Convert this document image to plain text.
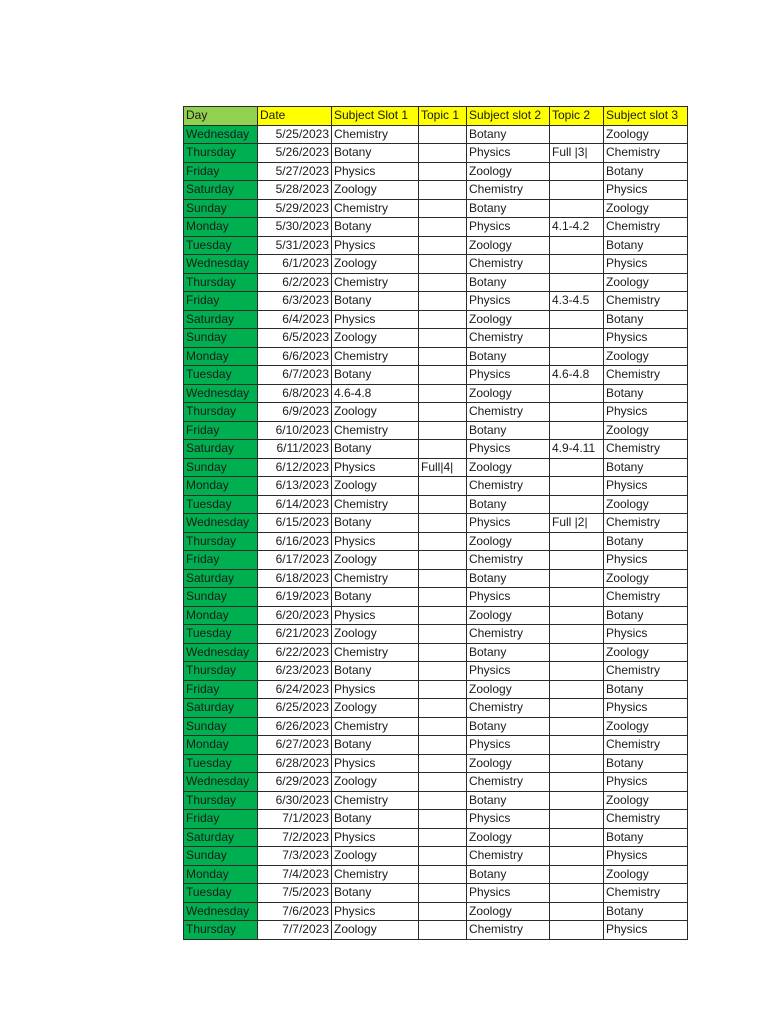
Day	Date	Subject Slot 1	Topic 1	Subject slot 2	Topic 2	Subject slot 3
Wednesday	5/25/2023	Chemistry		Botany		Zoology
Thursday	5/26/2023	Botany		Physics	Full |3|	Chemistry
Friday	5/27/2023	Physics		Zoology		Botany
Saturday	5/28/2023	Zoology		Chemistry		Physics
Sunday	5/29/2023	Chemistry		Botany		Zoology
Monday	5/30/2023	Botany		Physics	4.1-4.2	Chemistry
Tuesday	5/31/2023	Physics		Zoology		Botany
Wednesday	6/1/2023	Zoology		Chemistry		Physics
Thursday	6/2/2023	Chemistry		Botany		Zoology
Friday	6/3/2023	Botany		Physics	4.3-4.5	Chemistry
Saturday	6/4/2023	Physics		Zoology		Botany
Sunday	6/5/2023	Zoology		Chemistry		Physics
Monday	6/6/2023	Chemistry		Botany		Zoology
Tuesday	6/7/2023	Botany		Physics	4.6-4.8	Chemistry
Wednesday	6/8/2023	4.6-4.8		Zoology		Botany
Thursday	6/9/2023	Zoology		Chemistry		Physics
Friday	6/10/2023	Chemistry		Botany		Zoology
Saturday	6/11/2023	Botany		Physics	4.9-4.11	Chemistry
Sunday	6/12/2023	Physics	Full|4|	Zoology		Botany
Monday	6/13/2023	Zoology		Chemistry		Physics
Tuesday	6/14/2023	Chemistry		Botany		Zoology
Wednesday	6/15/2023	Botany		Physics	Full |2|	Chemistry
Thursday	6/16/2023	Physics		Zoology		Botany
Friday	6/17/2023	Zoology		Chemistry		Physics
Saturday	6/18/2023	Chemistry		Botany		Zoology
Sunday	6/19/2023	Botany		Physics		Chemistry
Monday	6/20/2023	Physics		Zoology		Botany
Tuesday	6/21/2023	Zoology		Chemistry		Physics
Wednesday	6/22/2023	Chemistry		Botany		Zoology
Thursday	6/23/2023	Botany		Physics		Chemistry
Friday	6/24/2023	Physics		Zoology		Botany
Saturday	6/25/2023	Zoology		Chemistry		Physics
Sunday	6/26/2023	Chemistry		Botany		Zoology
Monday	6/27/2023	Botany		Physics		Chemistry
Tuesday	6/28/2023	Physics		Zoology		Botany
Wednesday	6/29/2023	Zoology		Chemistry		Physics
Thursday	6/30/2023	Chemistry		Botany		Zoology
Friday	7/1/2023	Botany		Physics		Chemistry
Saturday	7/2/2023	Physics		Zoology		Botany
Sunday	7/3/2023	Zoology		Chemistry		Physics
Monday	7/4/2023	Chemistry		Botany		Zoology
Tuesday	7/5/2023	Botany		Physics		Chemistry
Wednesday	7/6/2023	Physics		Zoology		Botany
Thursday	7/7/2023	Zoology		Chemistry		Physics
